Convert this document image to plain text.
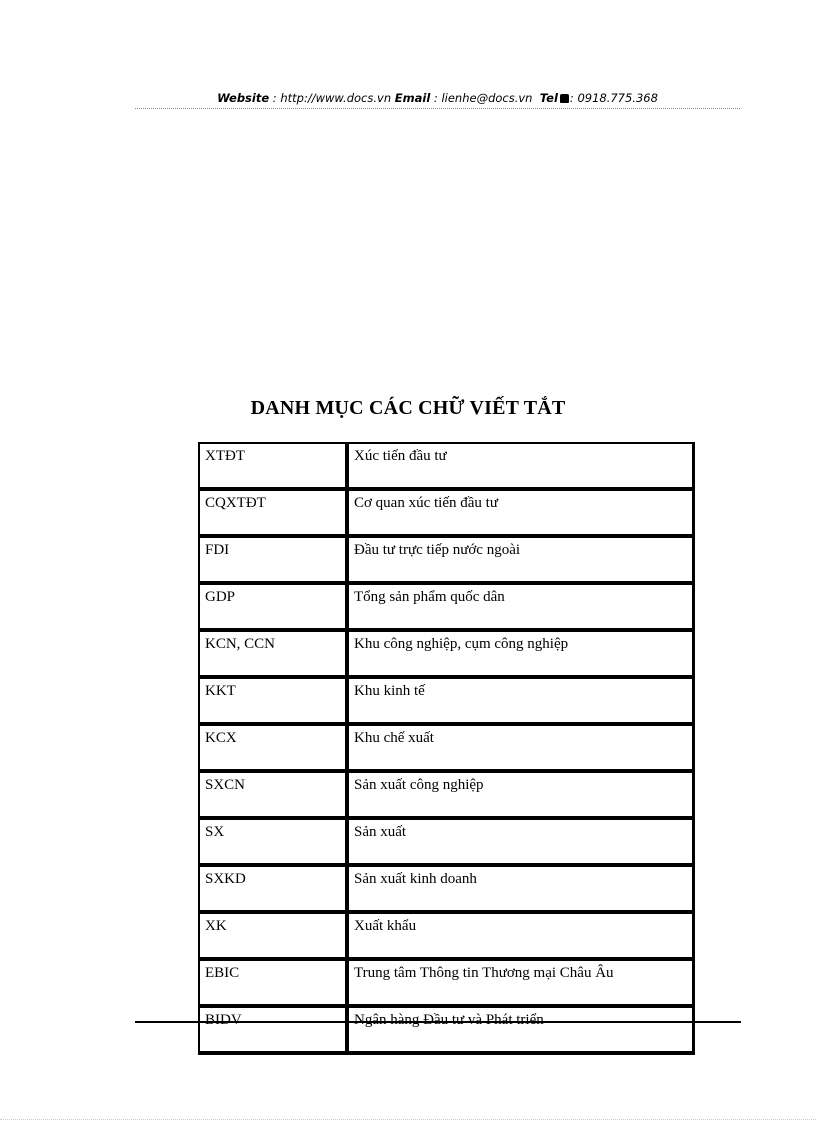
Website : http://www.docs.vn Email : lienhe@docs.vn Tel : 0918.775.368
DANH MỤC CÁC CHỮ VIẾT TẮT
XTĐT	Xúc tiến đầu tư
CQXTĐT	Cơ quan xúc tiến đầu tư
FDI	Đầu tư trực tiếp nước ngoài
GDP	Tổng sản phẩm quốc dân
KCN, CCN	Khu công nghiệp, cụm công nghiệp
KKT	Khu kinh tế
KCX	Khu chế xuất
SXCN	Sản xuất công nghiệp
SX	Sản xuất
SXKD	Sản xuất kinh doanh
XK	Xuất khẩu
EBIC	Trung tâm Thông tin Thương mại Châu Âu
BIDV	Ngân hàng Đầu tư và Phát triển
